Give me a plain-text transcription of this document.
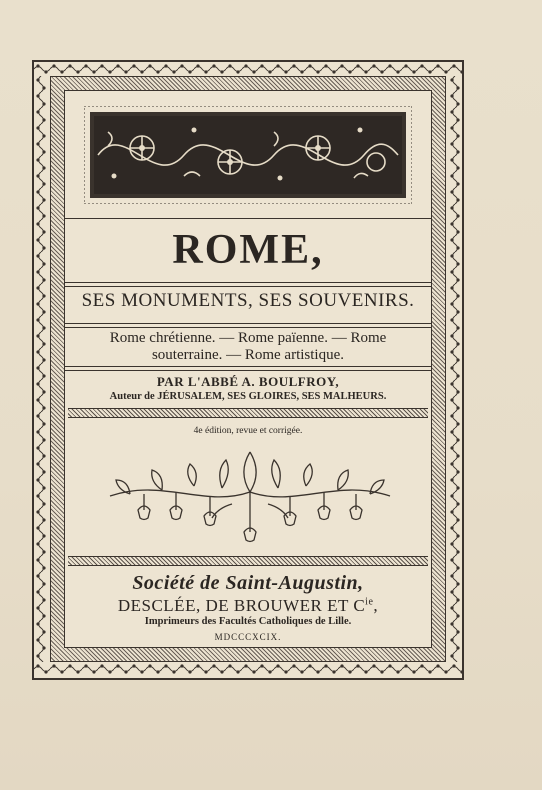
ROME,

SES MONUMENTS, SES SOUVENIRS.

Rome chrétienne. — Rome païenne. — Rome souterraine. — Rome artistique.

PAR L'ABBÉ A. BOULFROY,

Auteur de JÉRUSALEM, SES GLOIRES, SES MALHEURS.

4e édition, revue et corrigée.

Société de Saint-Augustin,

DESCLÉE, DE BROUWER ET $C^{ie}$,

Imprimeurs des Facultés Catholiques de Lille.

MDCCCXCIX.
